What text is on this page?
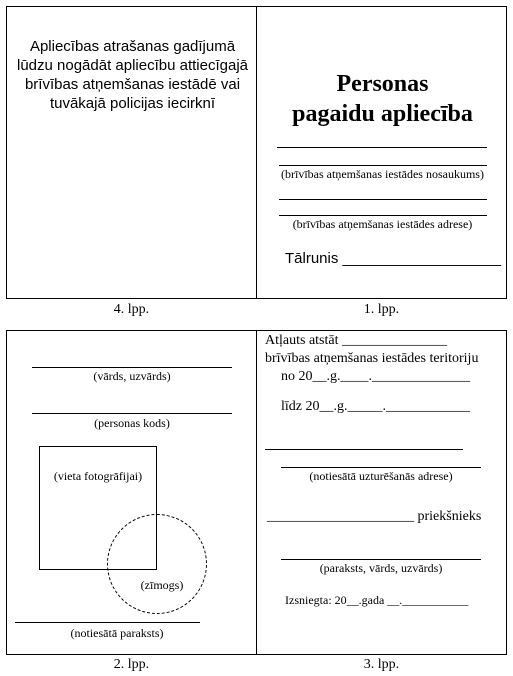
Apliecības atrašanas gadījumā lūdzu nogādāt apliecību attiecīgajā brīvības atņemšanas iestādē vai tuvākajā policijas iecirknī
4. lpp.
Personas
pagaidu apliecība
(brīvības atņemšanas iestādes nosaukums)
(brīvības atņemšanas iestādes adrese)
Tālrunis ___________________
1. lpp.
(vārds, uzvārds)
(personas kods)
(vieta fotogrāfijai)
(zīmogs)
(notiesātā paraksts)
2. lpp.
Atļauts atstāt _______________
brīvības atņemšanas iestādes teritoriju
no 20__.g.____.______________
līdz 20__.g._____.____________
(notiesātā uzturēšanās adrese)
_____________________ priekšnieks
(paraksts, vārds, uzvārds)
Izsniegta: 20__.gada __.___________
3. lpp.
